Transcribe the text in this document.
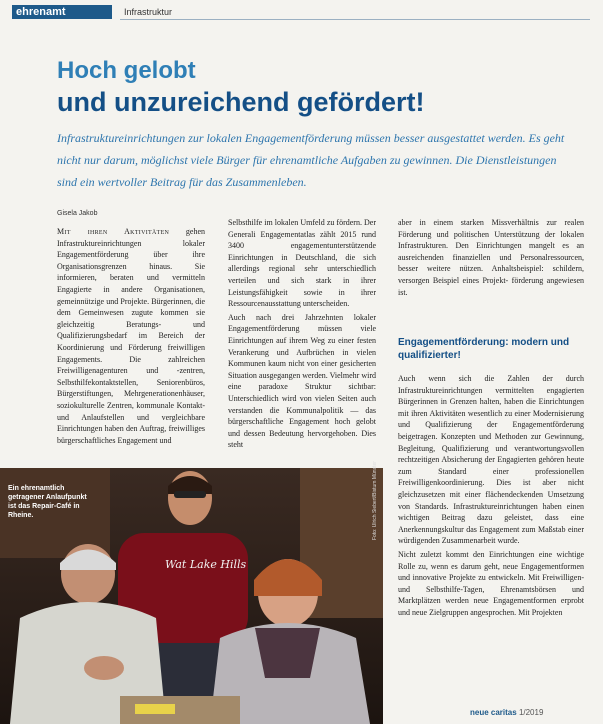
ehrenamt	Infrastruktur
Hoch gelobt
und unzureichend gefördert!
Infrastruktureinrichtungen zur lokalen Engagementförderung müssen besser ausgestattet werden. Es geht nicht nur darum, möglichst viele Bürger für ehrenamtliche Aufgaben zu gewinnen. Die Dienstleistungen sind ein wertvoller Beitrag für das Zusammenleben.
Gisela Jakob

Mit ihren Aktivitäten gehen Infrastruktureinrichtungen lokaler Engagementförderung über ihre Organisationsgrenzen hinaus. Sie informieren, beraten und vermitteln Engagierte in andere Organisationen, gemeinnützige und Projekte. Bürgerinnen, die dem Gemeinwesen zugute kommen sie gleichzeitig Beratungs- und Qualifizierungsbedarf im Bereich der Koordinierung und Förderung freiwilligen Engagements. Die zahlreichen Freiwilligenagenturen und -zentren, Selbsthilfekontaktstellen, Seniorenbüros, Bürgerstiftungen, Mehrgenerationenhäuser, soziokulturelle Zentren, kommunale Kontakt- und Anlaufstellen und vergleichbare Einrichtungen haben den Auftrag, freiwilliges bürgerschaftliches Engagement und

Selbsthilfe im lokalen Umfeld zu fördern. Der Generali Engagementatlas zählt 2015 rund 3400 engagementunterstützende Einrichtungen in Deutschland, die sich allerdings regional sehr unterschiedlich verteilen und sich stark in ihrer Leistungsfähigkeit sowie in ihrer Ressourcenausstattung unterscheiden.

Auch nach drei Jahrzehnten lokaler Engagementförderung müssen viele Einrichtungen auf ihrem Weg zu einer festen Verankerung und Aufbrüchen in vielen Kommunen kaum nicht von einer gesicherten Situation ausgegangen werden. Vielmehr wird eine paradoxe Struktur sichtbar: Unterschiedlich wird von vielen Seiten auch verstanden die Kommunalpolitik — das bürgerschaftliche Engagement hoch gelobt und dessen Bedeutung hervorgehoben. Dies steht

aber in einem starken Missverhältnis zur realen Förderung und politischen Unterstützung der lokalen Infrastrukturen. Den Einrichtungen mangelt es an ausreichenden finanziellen und Personalressourcen, besser weitere nützen. Anhaltsbeispiel: schildern, versorgen Beispiel eines Projekt- förderung angewiesen ist.

Engagementförderung: modern und qualifizierter!

Auch wenn sich die Zahlen der durch Infrastruktureinrichtungen vermittelten engagierten Bürgerinnen in Grenzen halten, haben die Einrichtungen mit ihren Aktivitäten wesentlich zu einer Modernisierung und Qualifizierung der Engagementförderung beigetragen. Konzepten und Methoden zur Gewinnung, Begleitung, Qualifizierung und verantwortungsvollen rechtzeitigen Absicherung der Engagierten gehören heute zum Standard einer professionellen Freiwilligenkoordinierung. Dies ist aber nicht gleichzusetzen mit einer flächendeckenden Umsetzung von Standards. Infrastruktureinrichtungen haben einen wichtigen Beitrag dazu geleistet, dass eine Anerkennungskultur das Engagement zum Maßstab einer würdigenden Zusammenarbeit wurde.

Nicht zuletzt kommt den Einrichtungen eine wichtige Rolle zu, wenn es darum geht, neue Engagementformen und innovative Projekte zu entwickeln. Mit Freiwilligen- und Selbsthilfe-Tagen, Ehrenamtsbörsen und Marktplätzen werden neue Engagementformen erprobt und neue Zielgruppen angesprochen. Mit Projekten

Wat Lake Hills
Ein ehrenamtlich getragener Anlaufpunkt ist das Repair-Café in Rheine.	Foto: Ulrich Siebert/Bistum Münster
neue caritas 1/2019
